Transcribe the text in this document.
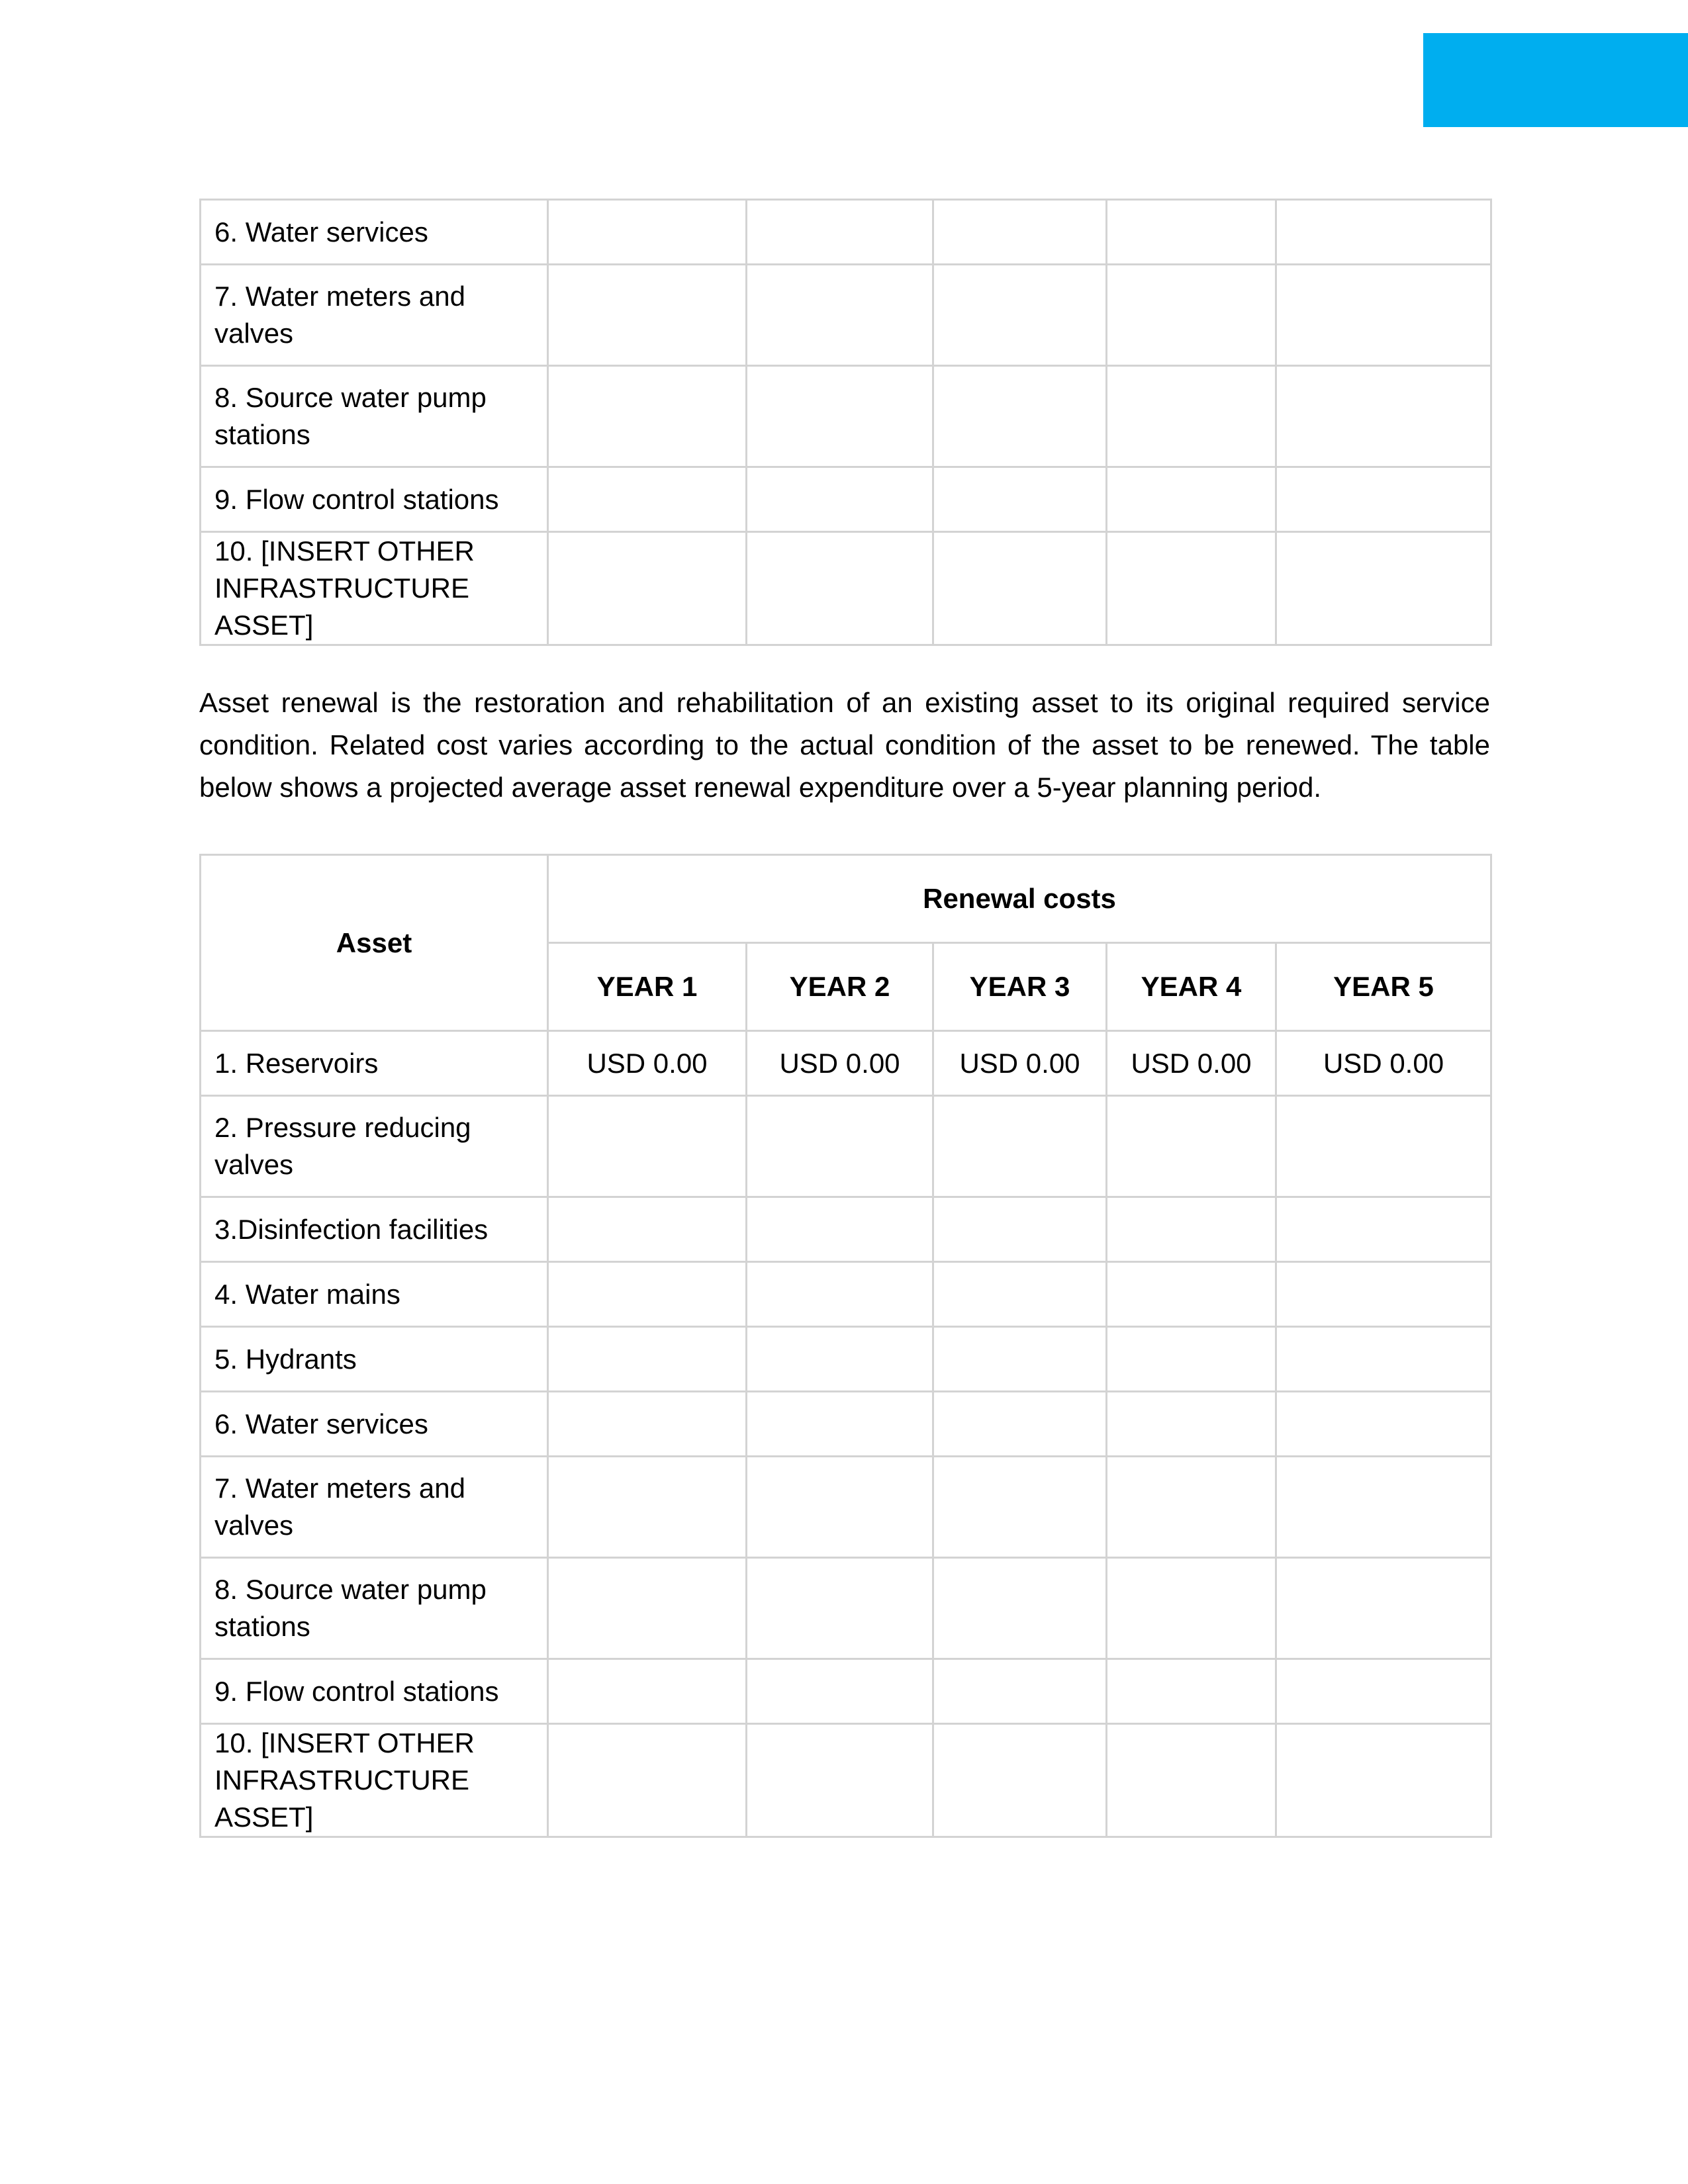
6. Water services					
7. Water meters and valves					
8. Source water pump stations					
9. Flow control stations					
10. [INSERT OTHER INFRASTRUCTURE ASSET]					

Asset renewal is the restoration and rehabilitation of an existing asset to its original required service condition. Related cost varies according to the actual condition of the asset to be renewed. The table below shows a projected average asset renewal expenditure over a 5-year planning period.

Asset	Renewal costs				
	YEAR 1	YEAR 2	YEAR 3	YEAR 4	YEAR 5
1. Reservoirs	USD 0.00	USD 0.00	USD 0.00	USD 0.00	USD 0.00
2. Pressure reducing valves					
3.Disinfection facilities					
4. Water mains					
5. Hydrants					
6. Water services					
7. Water meters and valves					
8. Source water pump stations					
9. Flow control stations					
10. [INSERT OTHER INFRASTRUCTURE ASSET]					
